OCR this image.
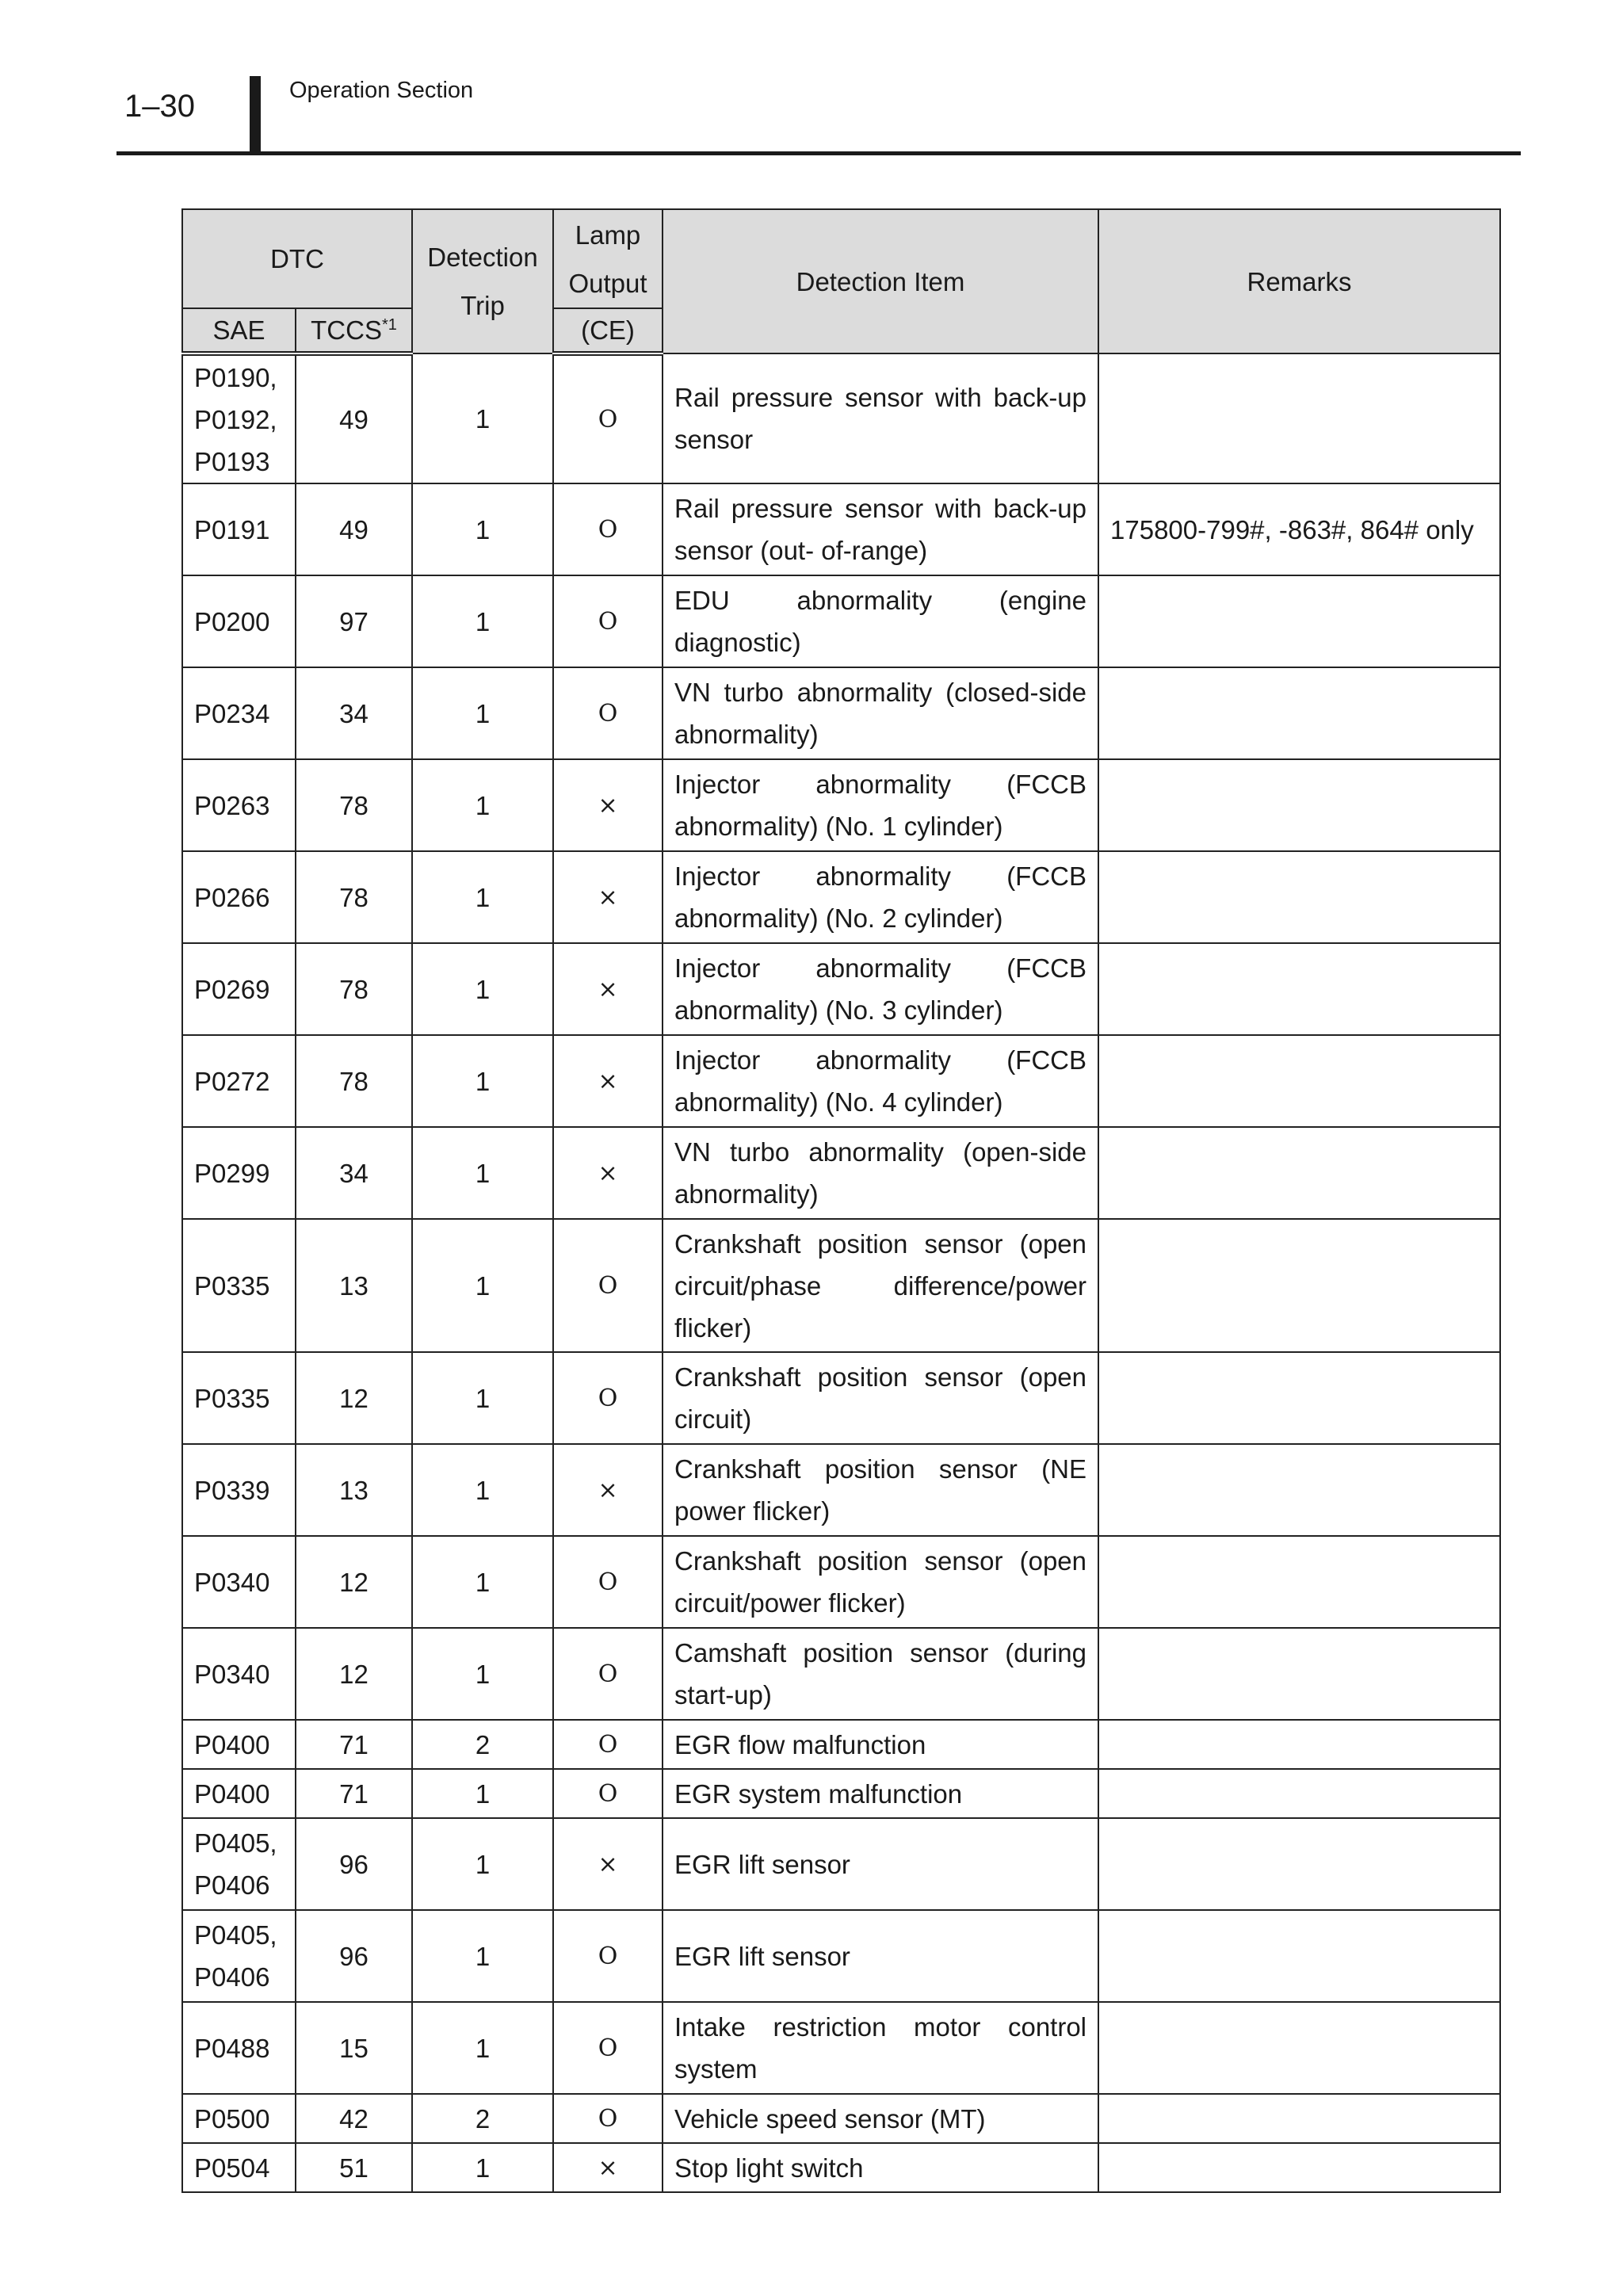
1–30	Operation Section
DTC		Detection Trip	Lamp Output	Detection Item	Remarks
SAE	TCCS$^{*1}$		(CE)		
P0190,
P0192,
P0193	49	1	O	Rail pressure sensor with back-up sensor	
P0191	49	1	O	Rail pressure sensor with back-up sensor (out- of-range)	175800-799#, -863#, 864# only
P0200	97	1	O	EDU abnormality (engine diagnostic)	
P0234	34	1	O	VN turbo abnormality (closed-side abnormality)	
P0263	78	1	×	Injector abnormality (FCCB abnormality) (No. 1 cylinder)	
P0266	78	1	×	Injector abnormality (FCCB abnormality) (No. 2 cylinder)	
P0269	78	1	×	Injector abnormality (FCCB abnormality) (No. 3 cylinder)	
P0272	78	1	×	Injector abnormality (FCCB abnormality) (No. 4 cylinder)	
P0299	34	1	×	VN turbo abnormality (open-side abnormality)	
P0335	13	1	O	Crankshaft position sensor (open circuit/phase difference/power flicker)	
P0335	12	1	O	Crankshaft position sensor (open circuit)	
P0339	13	1	×	Crankshaft position sensor (NE power flicker)	
P0340	12	1	O	Crankshaft position sensor (open circuit/power flicker)	
P0340	12	1	O	Camshaft position sensor (during start-up)	
P0400	71	2	O	EGR flow malfunction	
P0400	71	1	O	EGR system malfunction	
P0405,
P0406	96	1	×	EGR lift sensor	
P0405,
P0406	96	1	O	EGR lift sensor	
P0488	15	1	O	Intake restriction motor control system	
P0500	42	2	O	Vehicle speed sensor (MT)	
P0504	51	1	×	Stop light switch	
